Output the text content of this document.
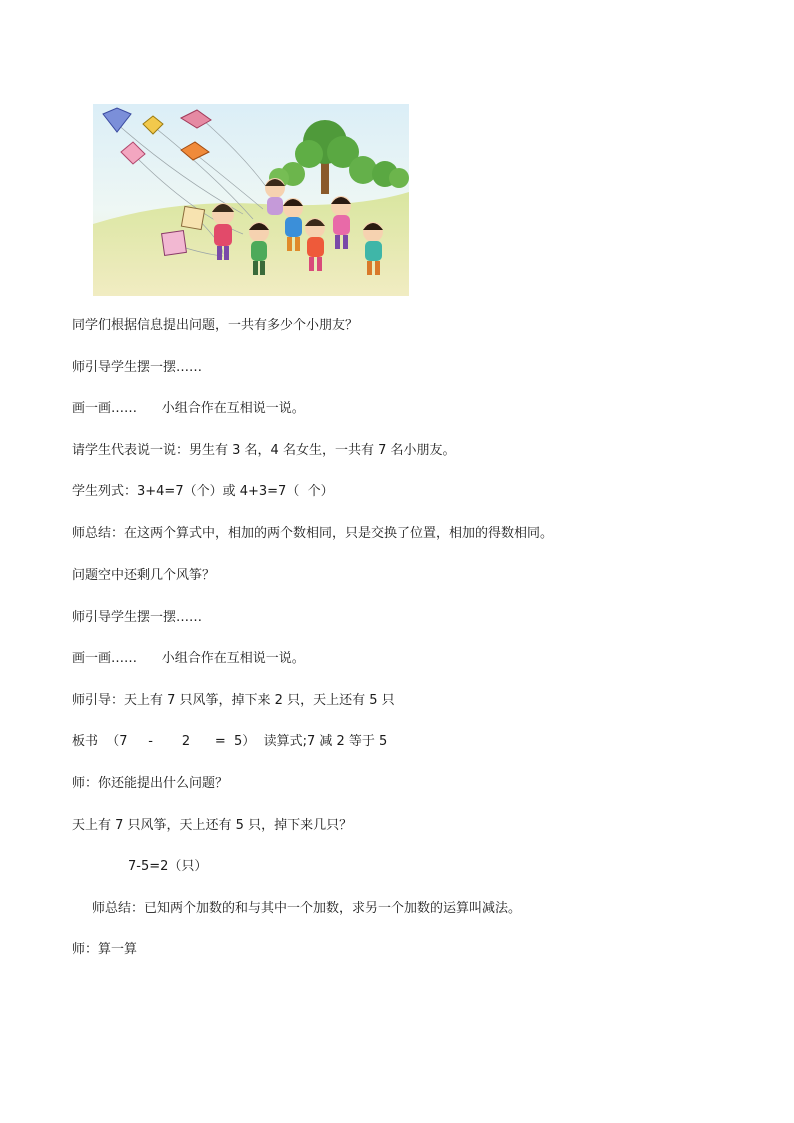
同学们根据信息提出问题，一共有多少个小朋友？
师引导学生摆一摆……
画一画……      小组合作在互相说一说。
请学生代表说一说：男生有 3 名，4 名女生，一共有 7 名小朋友。
学生列式：3+4=7（个）或 4+3=7（  个）
师总结：在这两个算式中，相加的两个数相同，只是交换了位置，相加的得数相同。
问题空中还剩几个风筝？
师引导学生摆一摆……
画一画……      小组合作在互相说一说。
师引导：天上有 7 只风筝，掉下来 2 只，天上还有 5 只
板书  （7     -       2      =  5）  读算式;7 减 2 等于 5
师：你还能提出什么问题？
天上有 7 只风筝，天上还有 5 只，掉下来几只？
7-5=2（只）
师总结：已知两个加数的和与其中一个加数，求另一个加数的运算叫减法。
师：算一算
